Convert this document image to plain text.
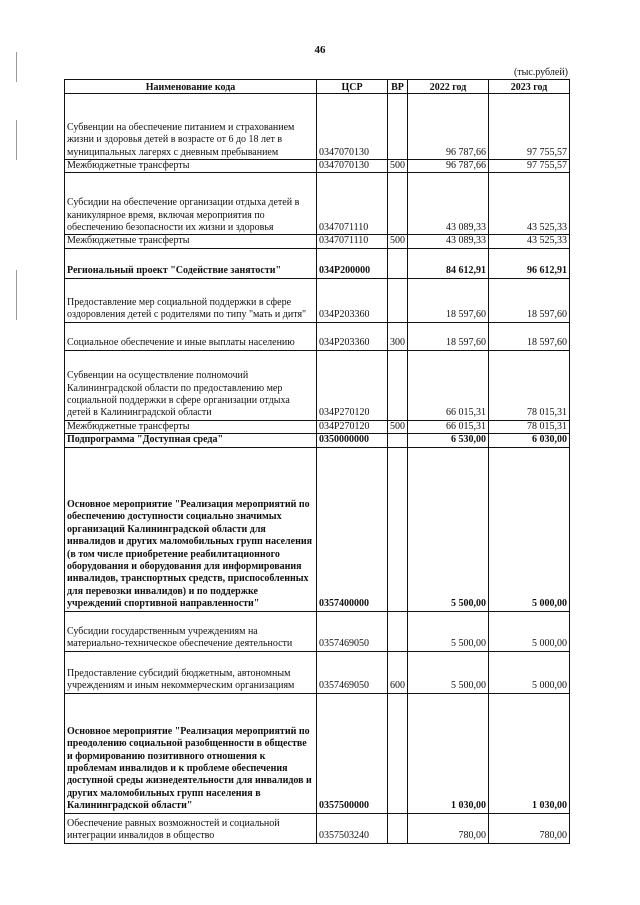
46
(тыс.рублей)
Наименование кода	ЦСР	ВР	2022 год	2023 год
Субвенции на обеспечение питанием и страхованием жизни и здоровья детей в возрасте от 6 до 18 лет в муниципальных лагерях с дневным пребыванием	0347070130		96 787,66	97 755,57
Межбюджетные трансферты	0347070130	500	96 787,66	97 755,57
Субсидии на обеспечение организации отдыха детей в каникулярное время, включая мероприятия по обеспечению безопасности их жизни и здоровья	0347071110		43 089,33	43 525,33
Межбюджетные трансферты	0347071110	500	43 089,33	43 525,33
Региональный проект "Содействие занятости"	034P200000		84 612,91	96 612,91
Предоставление мер социальной поддержки в сфере оздоровления детей с родителями по типу "мать и дитя"	034P203360		18 597,60	18 597,60
Социальное обеспечение и иные выплаты населению	034P203360	300	18 597,60	18 597,60
Субвенции на осуществление полномочий Калининградской области по предоставлению мер социальной поддержки в сфере организации отдыха детей в Калининградской области	034P270120		66 015,31	78 015,31
Межбюджетные трансферты	034P270120	500	66 015,31	78 015,31
Подпрограмма "Доступная среда"	0350000000		6 530,00	6 030,00
Основное мероприятие "Реализация мероприятий по обеспечению доступности социально значимых организаций Калининградской области для инвалидов и других маломобильных групп населения (в том числе приобретение реабилитационного оборудования и оборудования для информирования инвалидов, транспортных средств, приспособленных для перевозки инвалидов) и по поддержке учреждений спортивной направленности"	0357400000		5 500,00	5 000,00
Субсидии государственным учреждениям на материально-техническое обеспечение деятельности	0357469050		5 500,00	5 000,00
Предоставление субсидий бюджетным, автономным учреждениям и иным некоммерческим организациям	0357469050	600	5 500,00	5 000,00
Основное мероприятие "Реализация мероприятий по преодолению социальной разобщенности в обществе и формированию позитивного отношения к проблемам инвалидов и к проблеме обеспечения доступной среды жизнедеятельности для инвалидов и других маломобильных групп населения в Калининградской области"	0357500000		1 030,00	1 030,00
Обеспечение равных возможностей и социальной интеграции инвалидов в общество	0357503240		780,00	780,00
